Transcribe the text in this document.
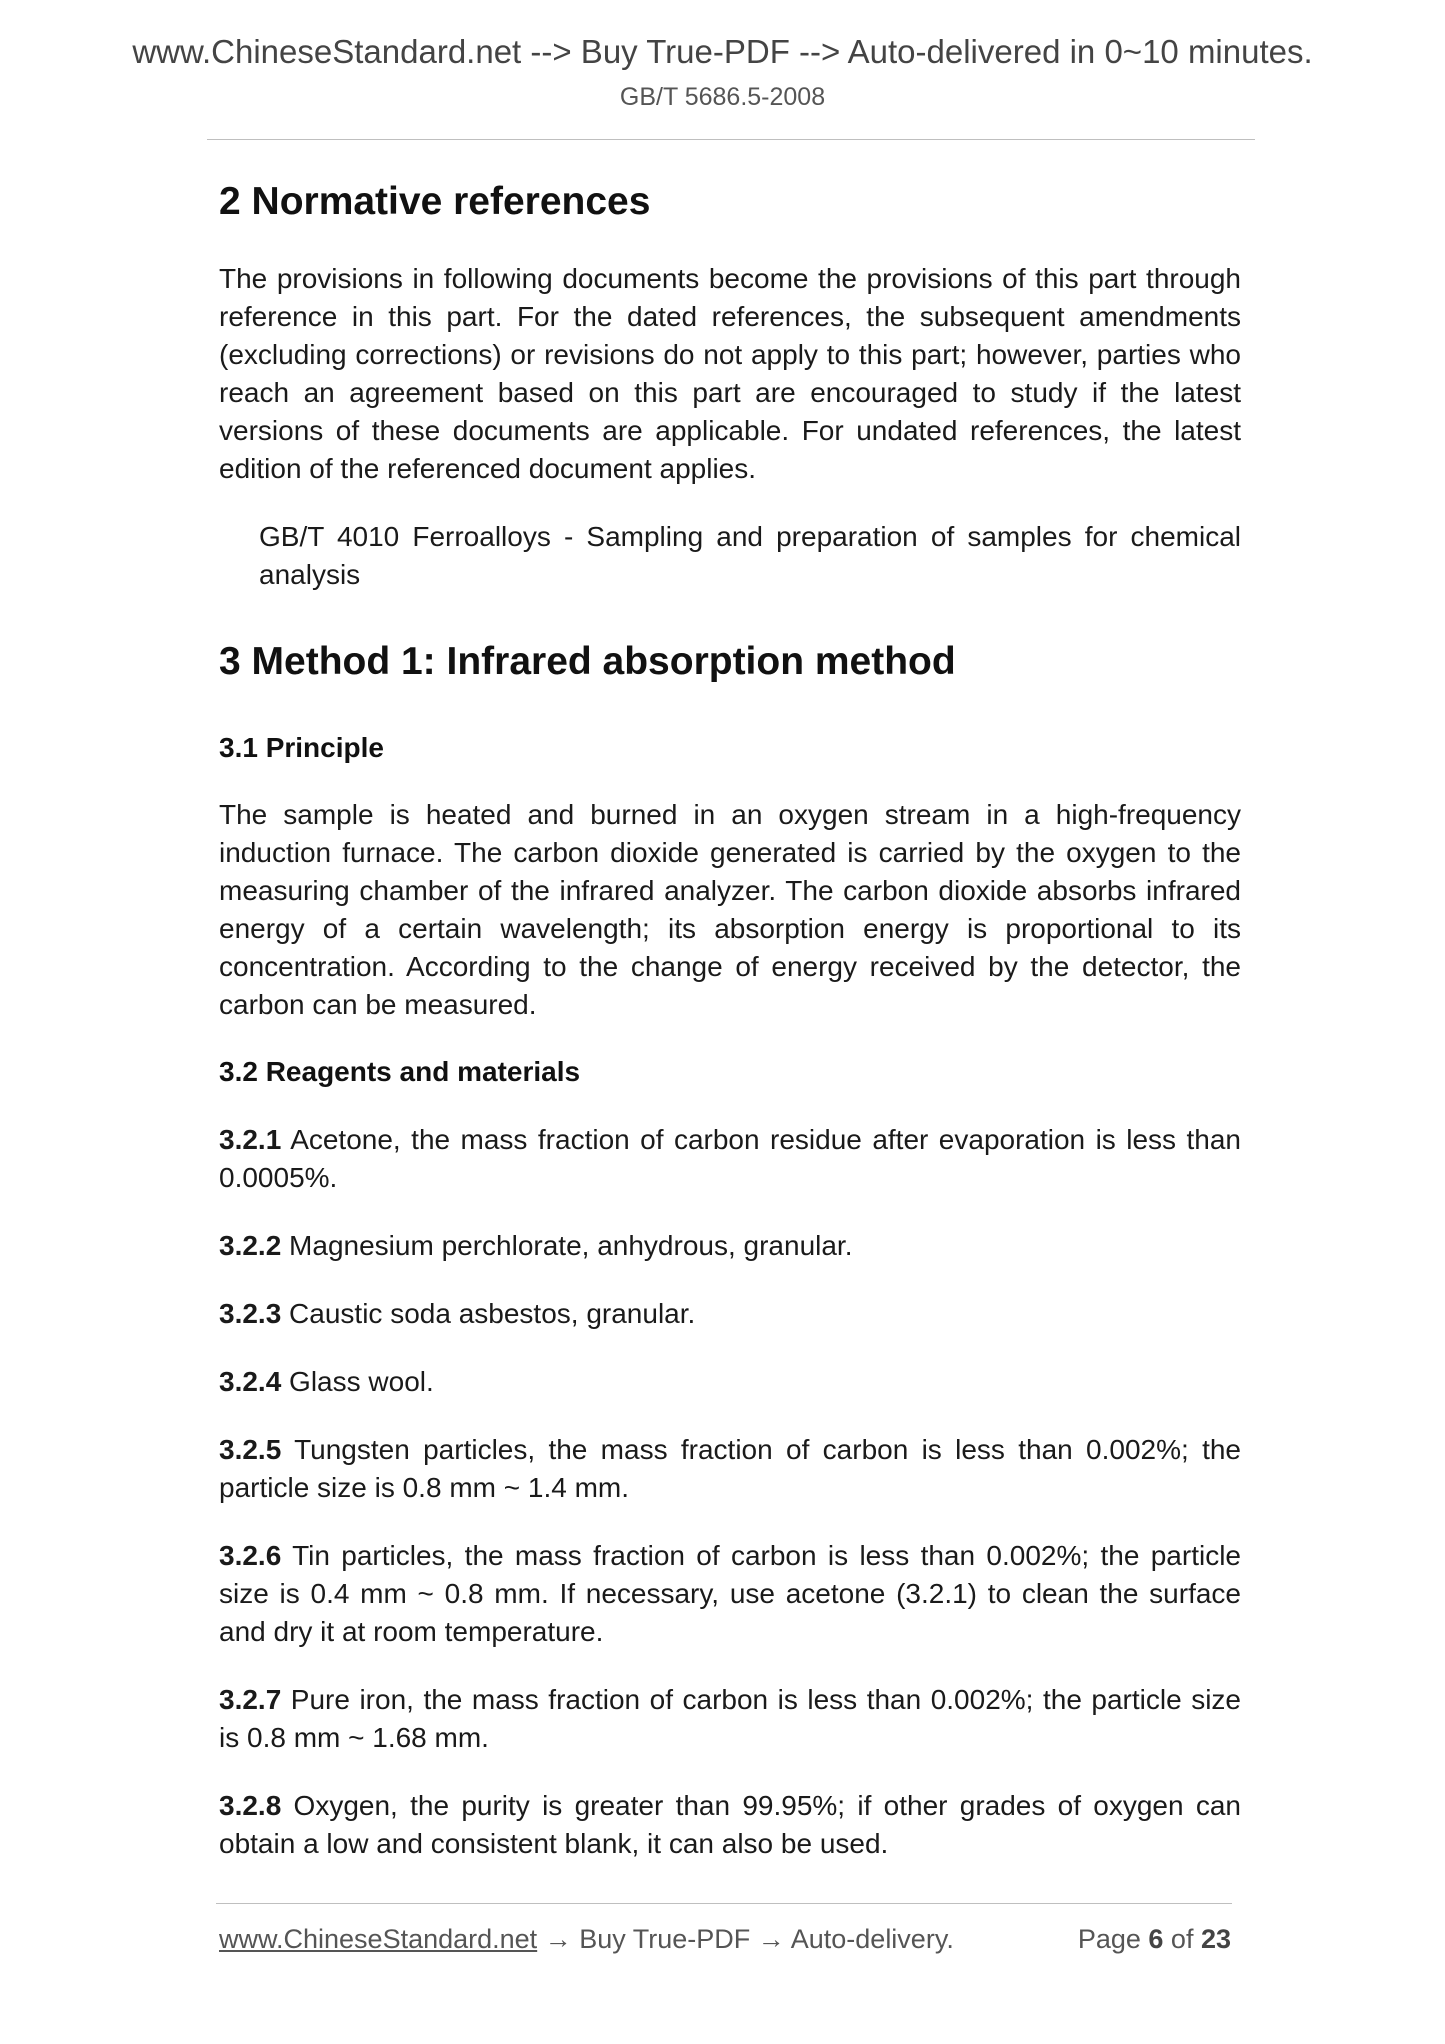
www.ChineseStandard.net --> Buy True-PDF --> Auto-delivered in 0~10 minutes.
GB/T 5686.5-2008
2 Normative references

The provisions in following documents become the provisions of this part through reference in this part. For the dated references, the subsequent amendments (excluding corrections) or revisions do not apply to this part; however, parties who reach an agreement based on this part are encouraged to study if the latest versions of these documents are applicable. For undated references, the latest edition of the referenced document applies.

GB/T 4010 Ferroalloys - Sampling and preparation of samples for chemical analysis

3 Method 1: Infrared absorption method
3.1 Principle

The sample is heated and burned in an oxygen stream in a high-frequency induction furnace. The carbon dioxide generated is carried by the oxygen to the measuring chamber of the infrared analyzer. The carbon dioxide absorbs infrared energy of a certain wavelength; its absorption energy is proportional to its concentration. According to the change of energy received by the detector, the carbon can be measured.

3.2 Reagents and materials

3.2.1 Acetone, the mass fraction of carbon residue after evaporation is less than 0.0005%.

3.2.2 Magnesium perchlorate, anhydrous, granular.

3.2.3 Caustic soda asbestos, granular.

3.2.4 Glass wool.

3.2.5 Tungsten particles, the mass fraction of carbon is less than 0.002%; the particle size is 0.8 mm ~ 1.4 mm.

3.2.6 Tin particles, the mass fraction of carbon is less than 0.002%; the particle size is 0.4 mm ~ 0.8 mm. If necessary, use acetone (3.2.1) to clean the surface and dry it at room temperature.

3.2.7 Pure iron, the mass fraction of carbon is less than 0.002%; the particle size is 0.8 mm ~ 1.68 mm.

3.2.8 Oxygen, the purity is greater than 99.95%; if other grades of oxygen can obtain a low and consistent blank, it can also be used.

www.ChineseStandard.net → Buy True-PDF → Auto-delivery.	Page 6 of 23
